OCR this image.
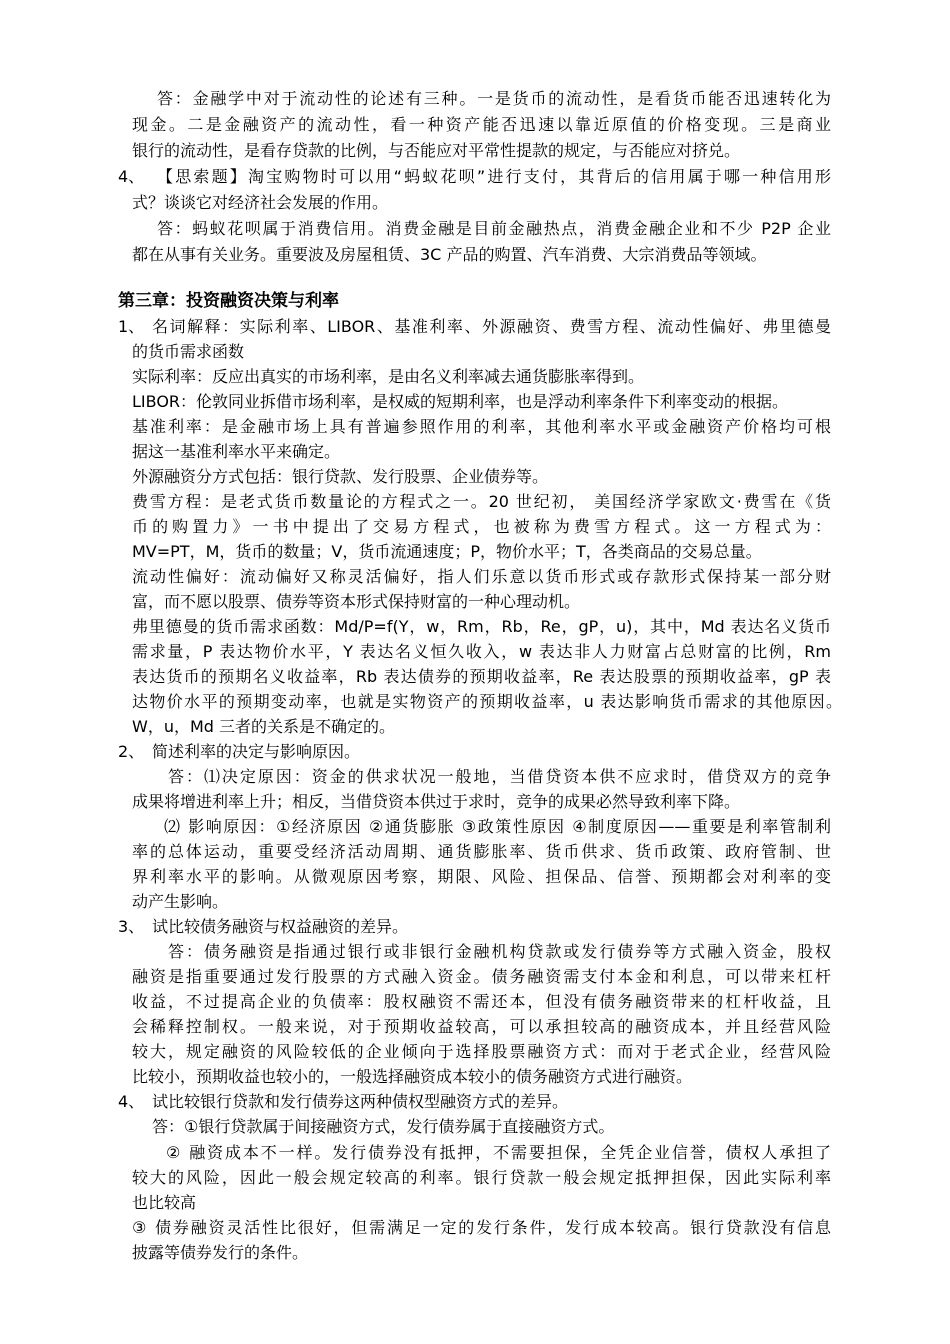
答：金融学中对于流动性的论述有三种。一是货币的流动性，是看货币能否迅速转化为
现金。二是金融资产的流动性，看一种资产能否迅速以靠近原值的价格变现。三是商业
银行的流动性，是看存贷款的比例，与否能应对平常性提款的规定，与否能应对挤兑。
4、 【思索题】淘宝购物时可以用“蚂蚁花呗”进行支付，其背后的信用属于哪一种信用形
式？谈谈它对经济社会发展的作用。
答：蚂蚁花呗属于消费信用。消费金融是目前金融热点，消费金融企业和不少 P2P 企业
都在从事有关业务。重要波及房屋租赁、3C 产品的购置、汽车消费、大宗消费品等领域。
第三章：投资融资决策与利率
1、 名词解释：实际利率、LIBOR、基准利率、外源融资、费雪方程、流动性偏好、弗里德曼
的货币需求函数
实际利率：反应出真实的市场利率，是由名义利率减去通货膨胀率得到。
LIBOR：伦敦同业拆借市场利率，是权威的短期利率，也是浮动利率条件下利率变动的根据。
基准利率：是金融市场上具有普遍参照作用的利率，其他利率水平或金融资产价格均可根
据这一基准利率水平来确定。
外源融资分方式包括：银行贷款、发行股票、企业债券等。
费雪方程：是老式货币数量论的方程式之一。20 世纪初， 美国经济学家欧文·费雪在《货
币的购置力》一书中提出了交易方程式，也被称为费雪方程式。这一方程式为：
MV=PT，M，货币的数量；V，货币流通速度；P，物价水平；T，各类商品的交易总量。
流动性偏好：流动偏好又称灵活偏好，指人们乐意以货币形式或存款形式保持某一部分财
富，而不愿以股票、债券等资本形式保持财富的一种心理动机。
弗里德曼的货币需求函数：Md/P=f(Y，w，Rm，Rb，Re，gP，u)，其中，Md 表达名义货币
需求量，P 表达物价水平，Y 表达名义恒久收入，w 表达非人力财富占总财富的比例，Rm
表达货币的预期名义收益率，Rb 表达债券的预期收益率，Re 表达股票的预期收益率，gP 表
达物价水平的预期变动率，也就是实物资产的预期收益率，u 表达影响货币需求的其他原因。
W，u，Md 三者的关系是不确定的。
2、 简述利率的决定与影响原因。
答：⑴决定原因：资金的供求状况一般地，当借贷资本供不应求时，借贷双方的竞争
成果将增进利率上升；相反，当借贷资本供过于求时，竞争的成果必然导致利率下降。
⑵ 影响原因：①经济原因 ②通货膨胀 ③政策性原因 ④制度原因——重要是利率管制利
率的总体运动，重要受经济活动周期、通货膨胀率、货币供求、货币政策、政府管制、世
界利率水平的影响。从微观原因考察，期限、风险、担保品、信誉、预期都会对利率的变
动产生影响。
3、 试比较债务融资与权益融资的差异。
答：债务融资是指通过银行或非银行金融机构贷款或发行债券等方式融入资金，股权
融资是指重要通过发行股票的方式融入资金。债务融资需支付本金和利息，可以带来杠杆
收益，不过提高企业的负债率：股权融资不需还本，但没有债务融资带来的杠杆收益，且
会稀释控制权。一般来说，对于预期收益较高，可以承担较高的融资成本，并且经营风险
较大，规定融资的风险较低的企业倾向于选择股票融资方式：而对于老式企业，经营风险
比较小，预期收益也较小的，一般选择融资成本较小的债务融资方式进行融资。
4、 试比较银行贷款和发行债券这两种债权型融资方式的差异。
答：①银行贷款属于间接融资方式，发行债券属于直接融资方式。
② 融资成本不一样。发行债券没有抵押，不需要担保，全凭企业信誉，债权人承担了
较大的风险，因此一般会规定较高的利率。银行贷款一般会规定抵押担保，因此实际利率
也比较高
③ 债券融资灵活性比很好，但需满足一定的发行条件，发行成本较高。银行贷款没有信息
披露等债券发行的条件。
